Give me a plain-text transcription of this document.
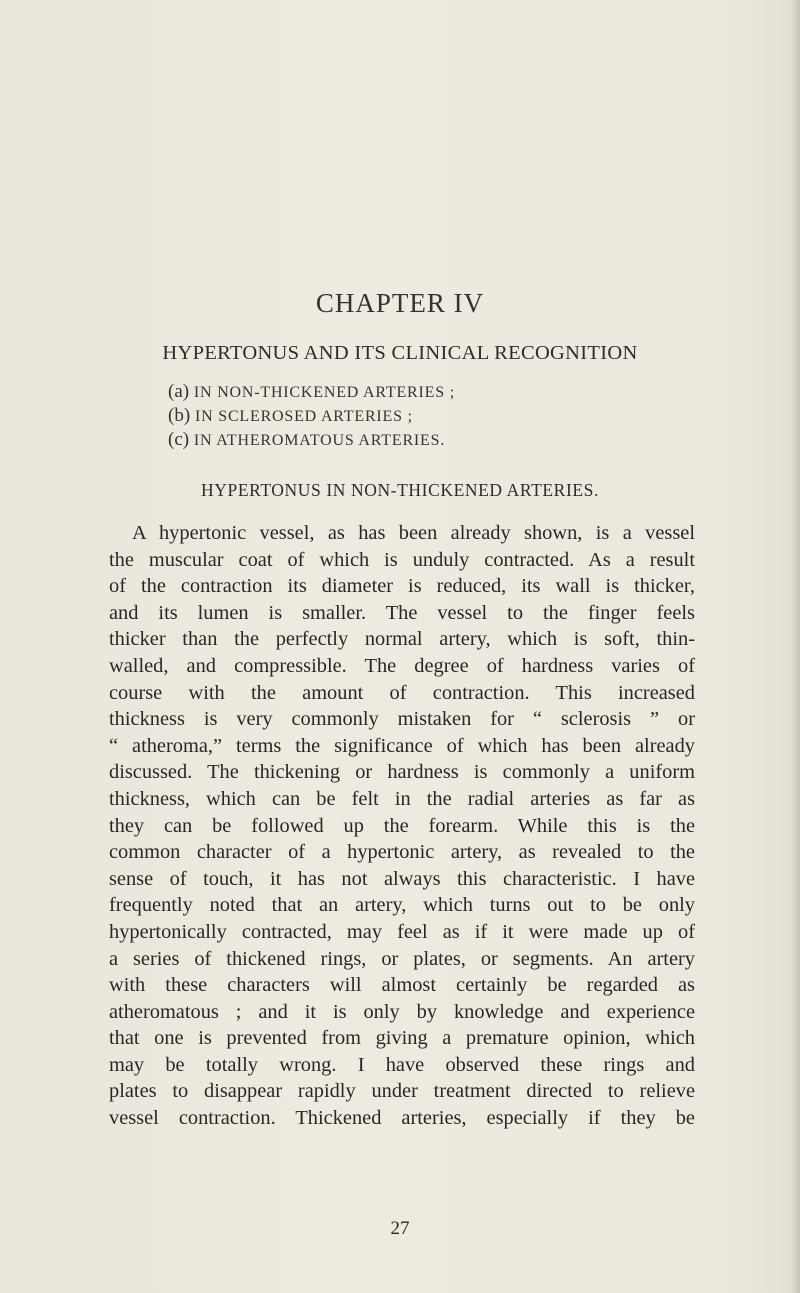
CHAPTER IV
HYPERTONUS AND ITS CLINICAL RECOGNITION
(a) IN NON-THICKENED ARTERIES ;
(b) IN SCLEROSED ARTERIES ;
(c) IN ATHEROMATOUS ARTERIES.
HYPERTONUS IN NON-THICKENED ARTERIES.
A hypertonic vessel, as has been already shown, is a vessel
the muscular coat of which is unduly contracted. As a result
of the contraction its diameter is reduced, its wall is thicker,
and its lumen is smaller. The vessel to the finger feels
thicker than the perfectly normal artery, which is soft, thin-
walled, and compressible. The degree of hardness varies of
course with the amount of contraction. This increased
thickness is very commonly mistaken for “ sclerosis ” or
“ atheroma,” terms the significance of which has been already
discussed. The thickening or hardness is commonly a uniform
thickness, which can be felt in the radial arteries as far as
they can be followed up the forearm. While this is the
common character of a hypertonic artery, as revealed to the
sense of touch, it has not always this characteristic. I have
frequently noted that an artery, which turns out to be only
hypertonically contracted, may feel as if it were made up of
a series of thickened rings, or plates, or segments. An artery
with these characters will almost certainly be regarded as
atheromatous ; and it is only by knowledge and experience
that one is prevented from giving a premature opinion, which
may be totally wrong. I have observed these rings and
plates to disappear rapidly under treatment directed to relieve
vessel contraction. Thickened arteries, especially if they be
27
